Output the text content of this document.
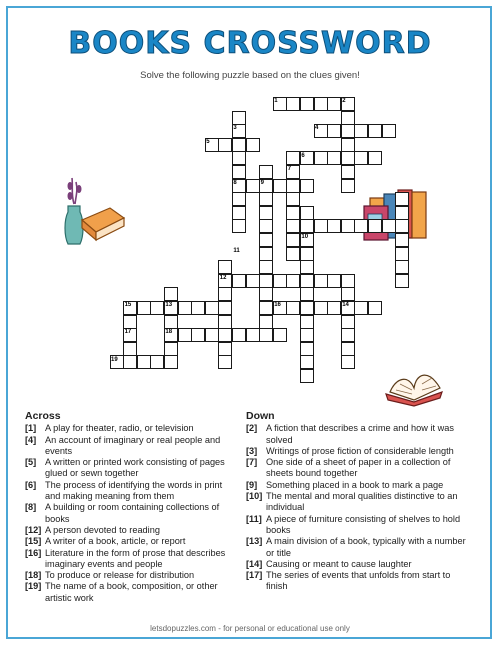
BOOKS CROSSWORD
Solve the following puzzle based on the clues given!
1	2
3	4
5
6
7
8	9
10
11
12
13	14
15	16
17	18
19
Across
[1] A play for theater, radio, or television
[4] An account of imaginary or real people and events
[5] A written or printed work consisting of pages glued or sewn together
[6] The process of identifying the words in print and making meaning from them
[8] A building or room containing collections of books
[12] A person devoted to reading
[15] A writer of a book, article, or report
[16] Literature in the form of prose that describes imaginary events and people
[18] To produce or release for distribution
[19] The name of a book, composition, or other artistic work
Down
[2] A fiction that describes a crime and how it was solved
[3] Writings of prose fiction of considerable length
[7] One side of a sheet of paper in a collection of sheets bound together
[9] Something placed in a book to mark a page
[10] The mental and moral qualities distinctive to an individual
[11] A piece of furniture consisting of shelves to hold books
[13] A main division of a book, typically with a number or title
[14] Causing or meant to cause laughter
[17] The series of events that unfolds from start to finish
letsdopuzzles.com - for personal or educational use only
